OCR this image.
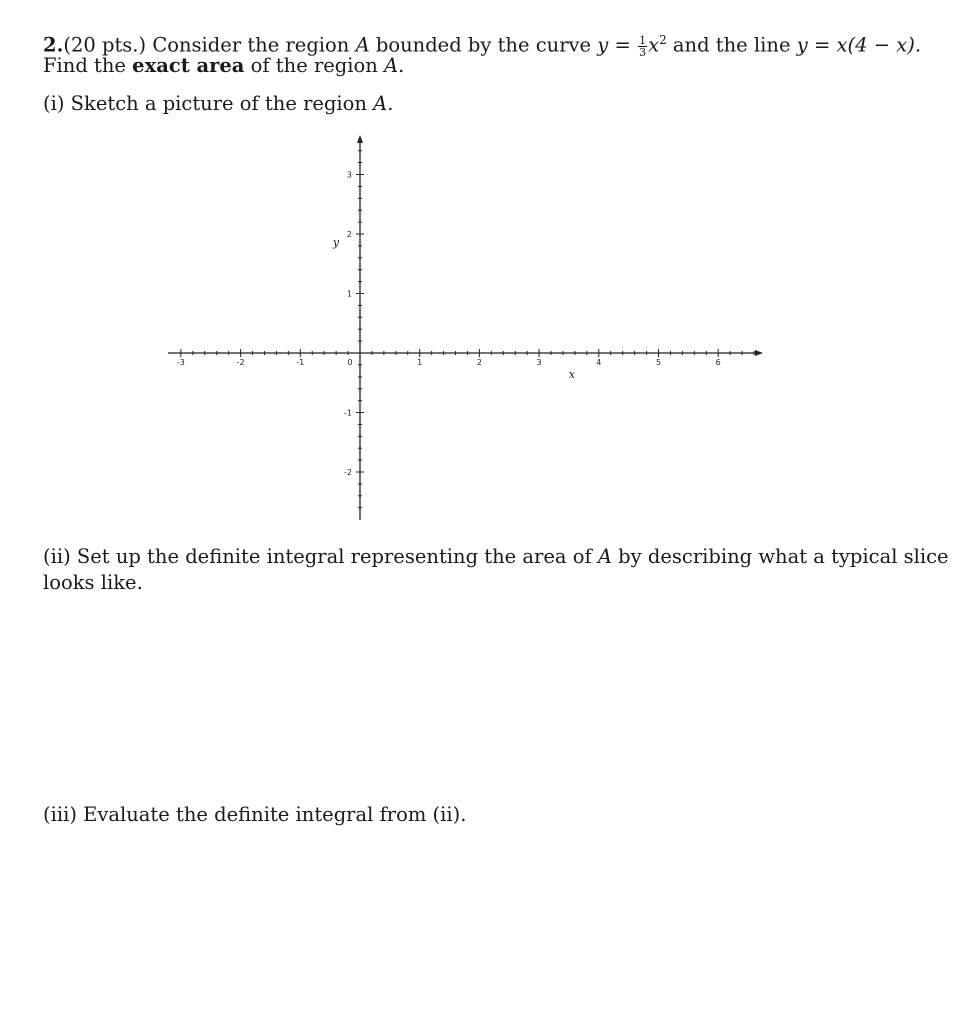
2.(20 pts.) Consider the region A bounded by the curve $y = \frac{1}{3} x^2$ and the line y = x(4 − x).
Find the exact area of the region A.
(i) Sketch a picture of the region A.
-3	-2	-1	0	1	2	3	4	5	6
1
2
3
-1
-2
x
y
(ii) Set up the definite integral representing the area of A by describing what a typical slice
looks like.
(iii) Evaluate the definite integral from (ii).
